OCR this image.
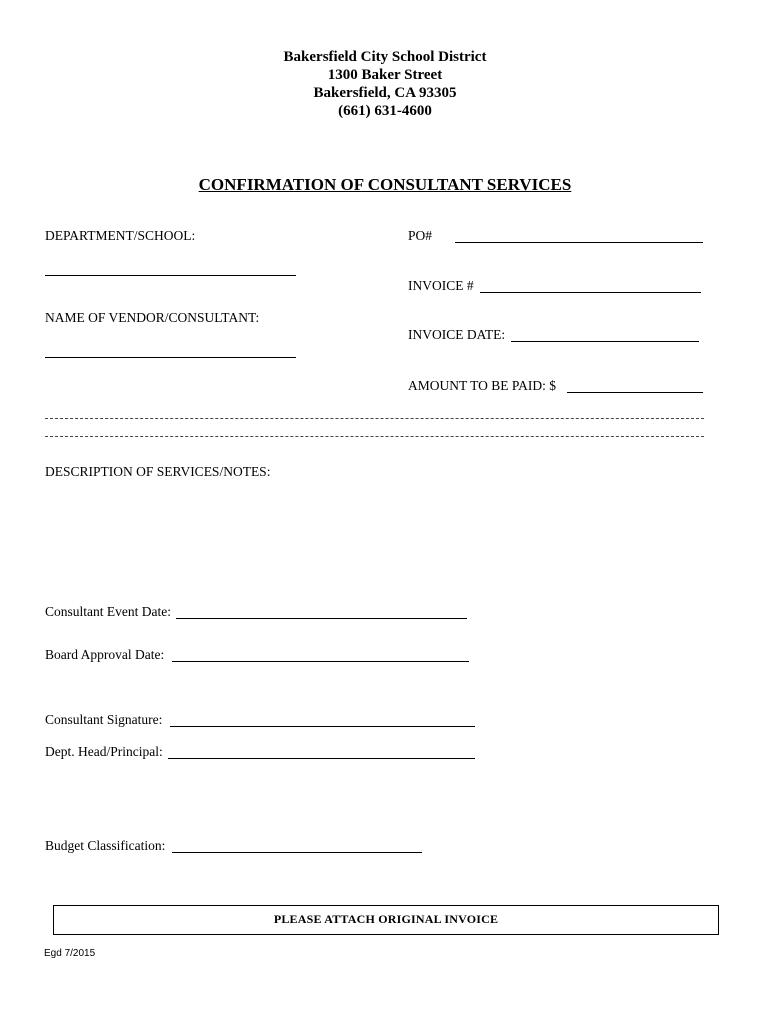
Bakersfield City School District
1300 Baker Street
Bakersfield, CA 93305
(661) 631-4600
CONFIRMATION OF CONSULTANT SERVICES
DEPARTMENT/SCHOOL:
NAME OF VENDOR/CONSULTANT:
PO#
INVOICE #
INVOICE DATE:
AMOUNT TO BE PAID: $
DESCRIPTION OF SERVICES/NOTES:
Consultant Event Date:
Board Approval Date:
Consultant Signature:
Dept. Head/Principal:
Budget Classification:
PLEASE ATTACH ORIGINAL INVOICE
Egd 7/2015
